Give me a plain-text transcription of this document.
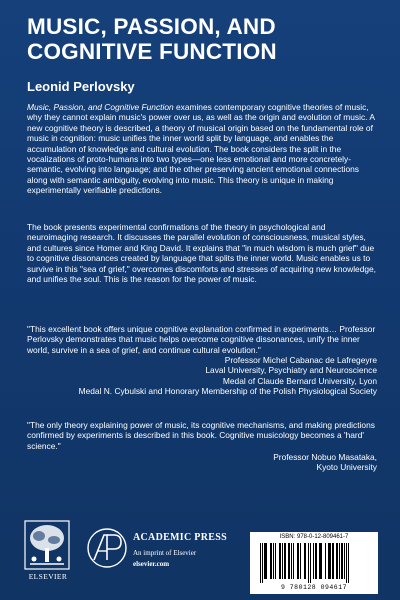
MUSIC, PASSION, AND
COGNITIVE FUNCTION

Leonid Perlovsky

Music, Passion, and Cognitive Function examines contemporary cognitive theories of music, why they cannot explain music's power over us, as well as the origin and evolution of music. A new cognitive theory is described, a theory of musical origin based on the fundamental role of music in cognition: music unifies the inner world split by language, and enables the accumulation of knowledge and cultural evolution. The book considers the split in the vocalizations of proto-humans into two types—one less emotional and more concretely-semantic, evolving into language; and the other preserving ancient emotional connections along with semantic ambiguity, evolving into music. This theory is unique in making experimentally verifiable predictions.

The book presents experimental confirmations of the theory in psychological and neuroimaging research. It discusses the parallel evolution of consciousness, musical styles, and cultures since Homer and King David. It explains that "in much wisdom is much grief" due to cognitive dissonances created by language that splits the inner world. Music enables us to survive in this "sea of grief," overcomes discomforts and stresses of acquiring new knowledge, and unifies the soul. This is the reason for the power of music.

"This excellent book offers unique cognitive explanation confirmed in experiments… Professor Perlovsky demonstrates that music helps overcome cognitive dissonances, unify the inner world, survive in a sea of grief, and continue cultural evolution."

Professor Michel Cabanac de Lafregeyre
Laval University, Psychiatry and Neuroscience
Medal of Claude Bernard University, Lyon
Medal N. Cybulski and Honorary Membership of the Polish Physiological Society

"The only theory explaining power of music, its cognitive mechanisms, and making predictions confirmed by experiments is described in this book. Cognitive musicology becomes a 'hard' science."

Professor Nobuo Masataka,
Kyoto University
ELSEVIER
ACADEMIC PRESS
An imprint of Elsevier
elsevier.com
ISBN: 978-0-12-809461-7
9 780128 094617
